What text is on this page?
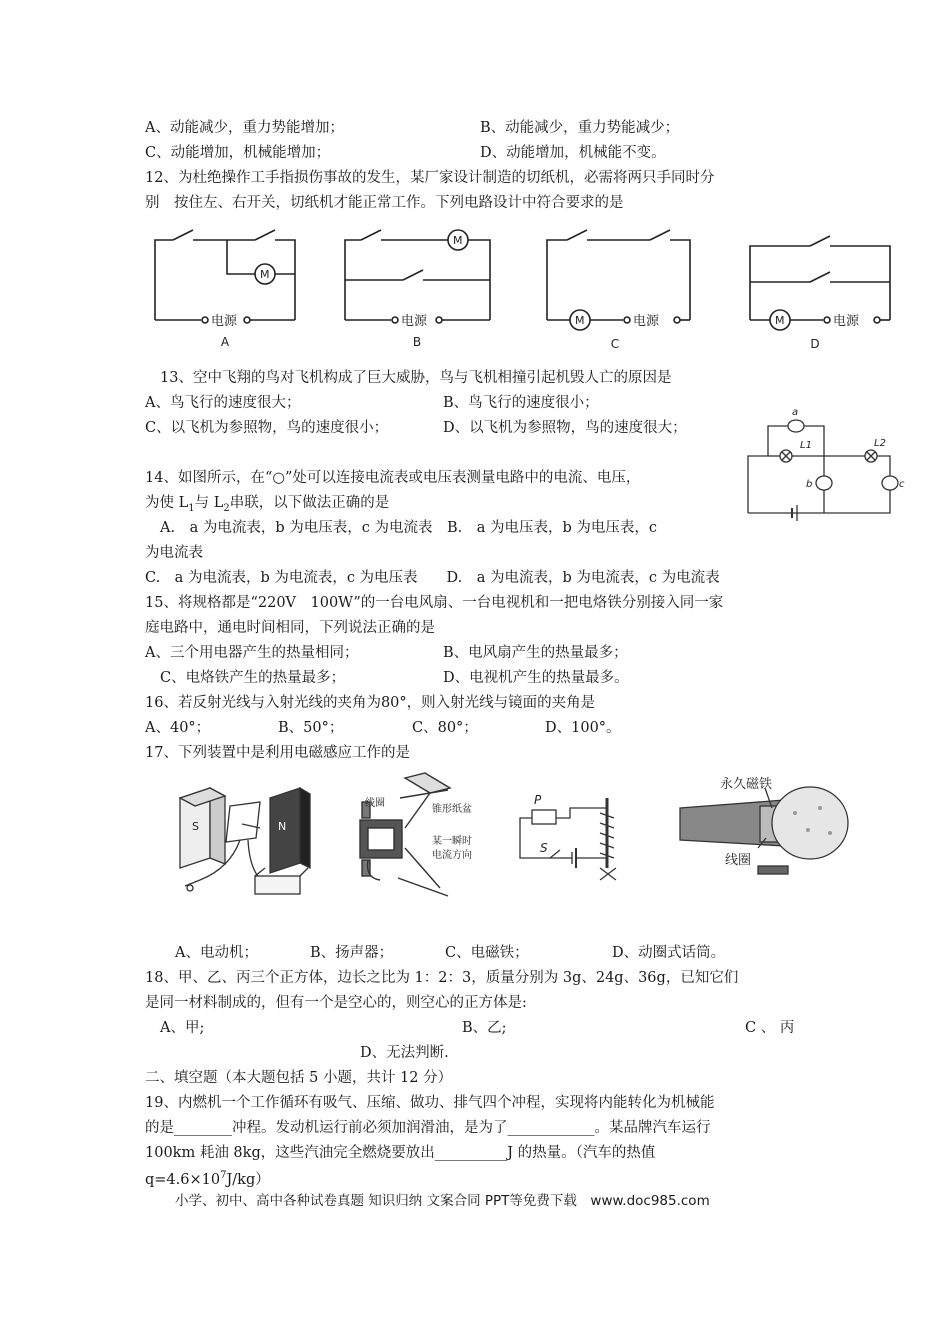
A、动能减少，重力势能增加；	B、动能减少，重力势能减少；
C、动能增加，机械能增加；	D、动能增加，机械能不变。
12、为杜绝操作工手指损伤事故的发生，某厂家设计制造的切纸机，必需将两只手同时分
别　按住左、右开关，切纸机才能正常工作。下列电路设计中符合要求的是
M
M
M	M
电源	电源	电源	电源
A	B	C	D
13、空中飞翔的鸟对飞机构成了巨大威胁，鸟与飞机相撞引起机毁人亡的原因是
A、鸟飞行的速度很大；	B、鸟飞行的速度很小；
C、以飞机为参照物，鸟的速度很小；	D、以飞机为参照物，鸟的速度很大；
a
b	c
L1	L2
14、如图所示，在“○”处可以连接电流表或电压表测量电路中的电流、电压，
为使 $L_1$与 $L_2$串联，以下做法正确的是
A.　a 为电流表，b 为电压表，c 为电流表　B.　a 为电压表，b 为电压表，c
为电流表
C.　a 为电流表，b 为电流表，c 为电压表　　D.　a 为电流表，b 为电流表，c 为电流表
15、将规格都是“220V　100W”的一台电风扇、一台电视机和一把电烙铁分别接入同一家
庭电路中，通电时间相同，下列说法正确的是
A、三个用电器产生的热量相同；	B、电风扇产生的热量最多；
C、电烙铁产生的热量最多；	D、电视机产生的热量最多。
16、若反射光线与入射光线的夹角为80°，则入射光线与镜面的夹角是
A、40°；	B、50°；	C、80°；	D、100°。
17、下列装置中是利用电磁感应工作的是
S	N
线圈
锥形纸盆
某一瞬时
电流方向
P
S
永久磁铁
线圈
A、电动机；	B、扬声器；	C、电磁铁；	D、动圈式话筒。
18、甲、乙、丙三个正方体，边长之比为 1：2：3，质量分别为 3g、24g、36g，已知它们
是同一材料制成的，但有一个是空心的，则空心的正方体是:
A、甲;	B、乙;	C 、 丙
D、无法判断.
二、填空题（本大题包括 5 小题，共计 12 分）
19、内燃机一个工作循环有吸气、压缩、做功、排气四个冲程，实现将内能转化为机械能
的是________冲程。发动机运行前必须加润滑油，是为了____________。某品牌汽车运行
100km 耗油 8kg，这些汽油完全燃烧要放出__________J 的热量。（汽车的热值
$q=4.6\times 10^7J/kg$）
小学、初中、高中各种试卷真题 知识归纳 文案合同 PPT等免费下载　www.doc985.com
